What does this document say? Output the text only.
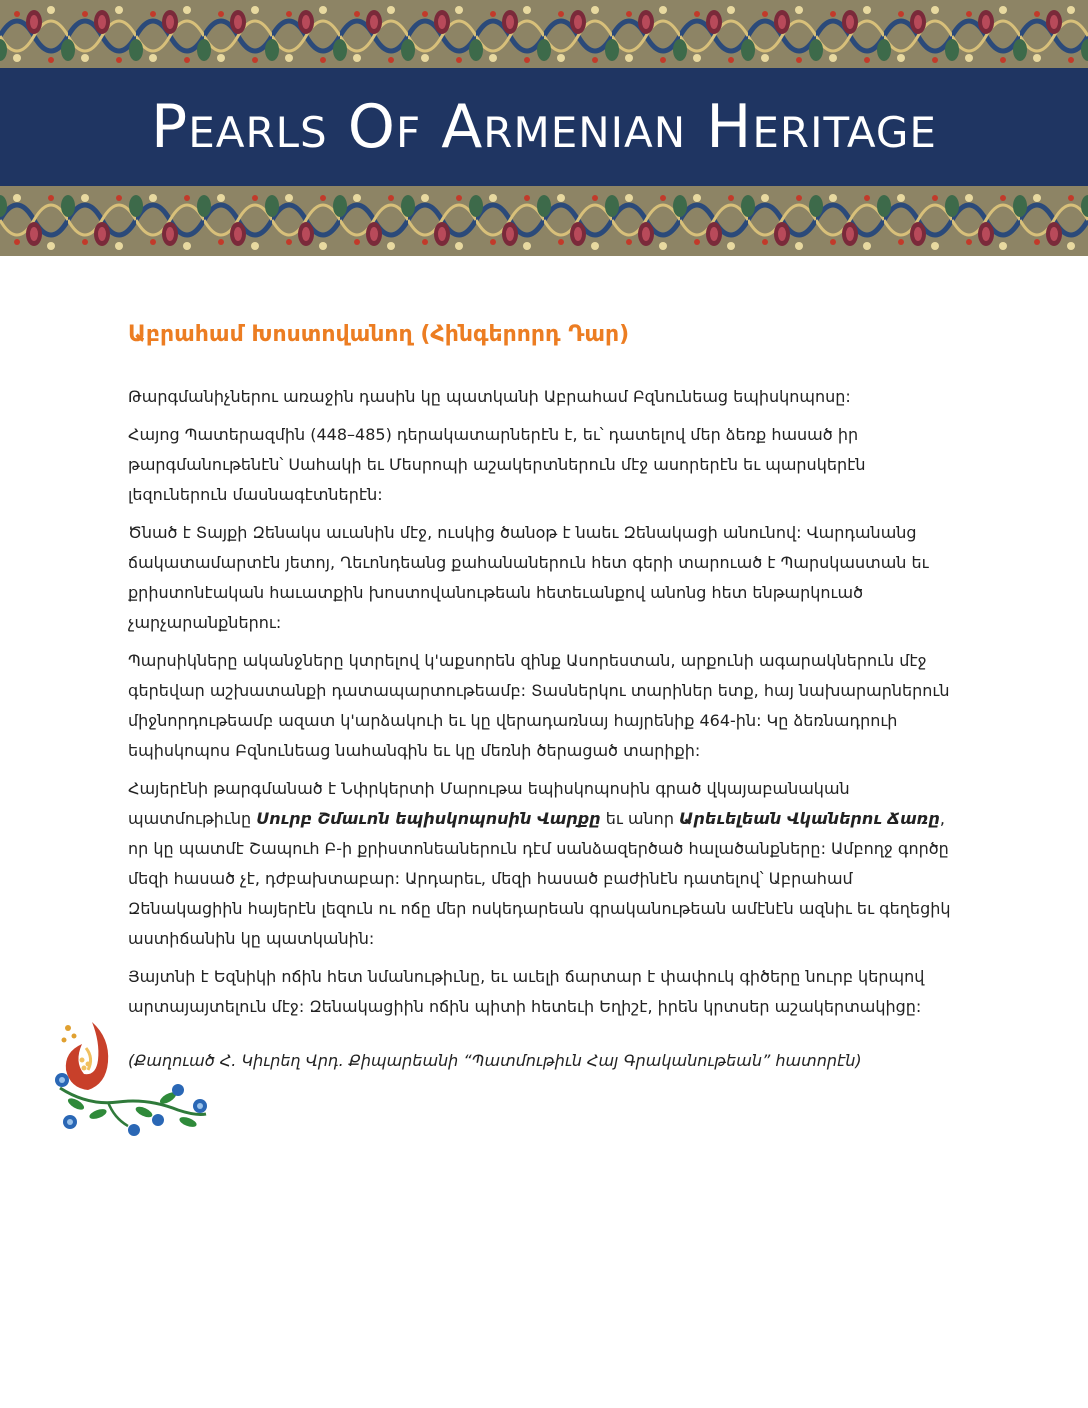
Pearls Of Armenian Heritage
Աբրահամ Խոստովանող (Հինգերորդ Դար)

Թարգմանիչներու առաջին դասին կը պատկանի Աբրահամ Բզնունեաց եպիսկոպոսը:

Հայոց Պատերազմին (448–485) դերակատարներէն է, եւ՝ դատելով մեր ձեռք հասած իր թարգմանութենէն՝ Սահակի եւ Մեսրոպի աշակերտներուն մէջ ասորերէն եւ պարսկերէն լեզուներուն մասնագէտներէն:

Ծնած է Տայքի Զենակս աւանին մէջ, ուսկից ծանօթ է նաեւ Զենակացի անունով: Վարդանանց ճակատամարտէն յետոյ, Ղեւոնդեանց քահանաներուն հետ գերի տարուած է Պարսկաստան եւ քրիստոնէական հաւատքին խոստովանութեան հետեւանքով անոնց հետ ենթարկուած չարչարանքներու:

Պարսիկները ականջները կտրելով կ'աքսորեն զինք Ասորեստան, արքունի ագարակներուն մէջ գերեվար աշխատանքի դատապարտութեամբ: Տասներկու տարիներ ետք, հայ նախարարներուն միջնորդութեամբ ազատ կ'արձակուի եւ կը վերադառնայ հայրենիք 464-ին: Կը ձեռնադրուի եպիսկոպոս Բզնունեաց նահանգին եւ կը մեռնի ծերացած տարիքի:

Հայերէնի թարգմանած է Նփրկերտի Մարութա եպիսկոպոսին գրած վկայաբանական պատմութիւնը Սուրբ Շմաւոն եպիսկոպոսին Վարքը եւ անոր Արեւելեան Վկաներու Ճառը, որ կը պատմէ Շապուհ Բ-ի քրիստոնեաներուն դէմ սանձազերծած հալածանքները: Ամբողջ գործը մեզի հասած չէ, դժբախտաբար: Արդարեւ, մեզի հասած բաժինէն դատելով՝ Աբրահամ Զենակացիին հայերէն լեզուն ու ոճը մեր ոսկեդարեան գրականութեան ամէնէն ազնիւ եւ գեղեցիկ աստիճանին կը պատկանին:

Յայտնի է Եզնիկի ոճին հետ նմանութիւնը, եւ աւելի ճարտար է փափուկ գիծերը նուրբ կերպով արտայայտելուն մէջ: Զենակացիին ոճին պիտի հետեւի Եղիշէ, իրեն կրտսեր աշակերտակիցը:

(Քաղուած Հ. Կիւրեղ Վրդ. Քիպարեանի “Պատմութիւն Հայ Գրականութեան” հատորէն)
